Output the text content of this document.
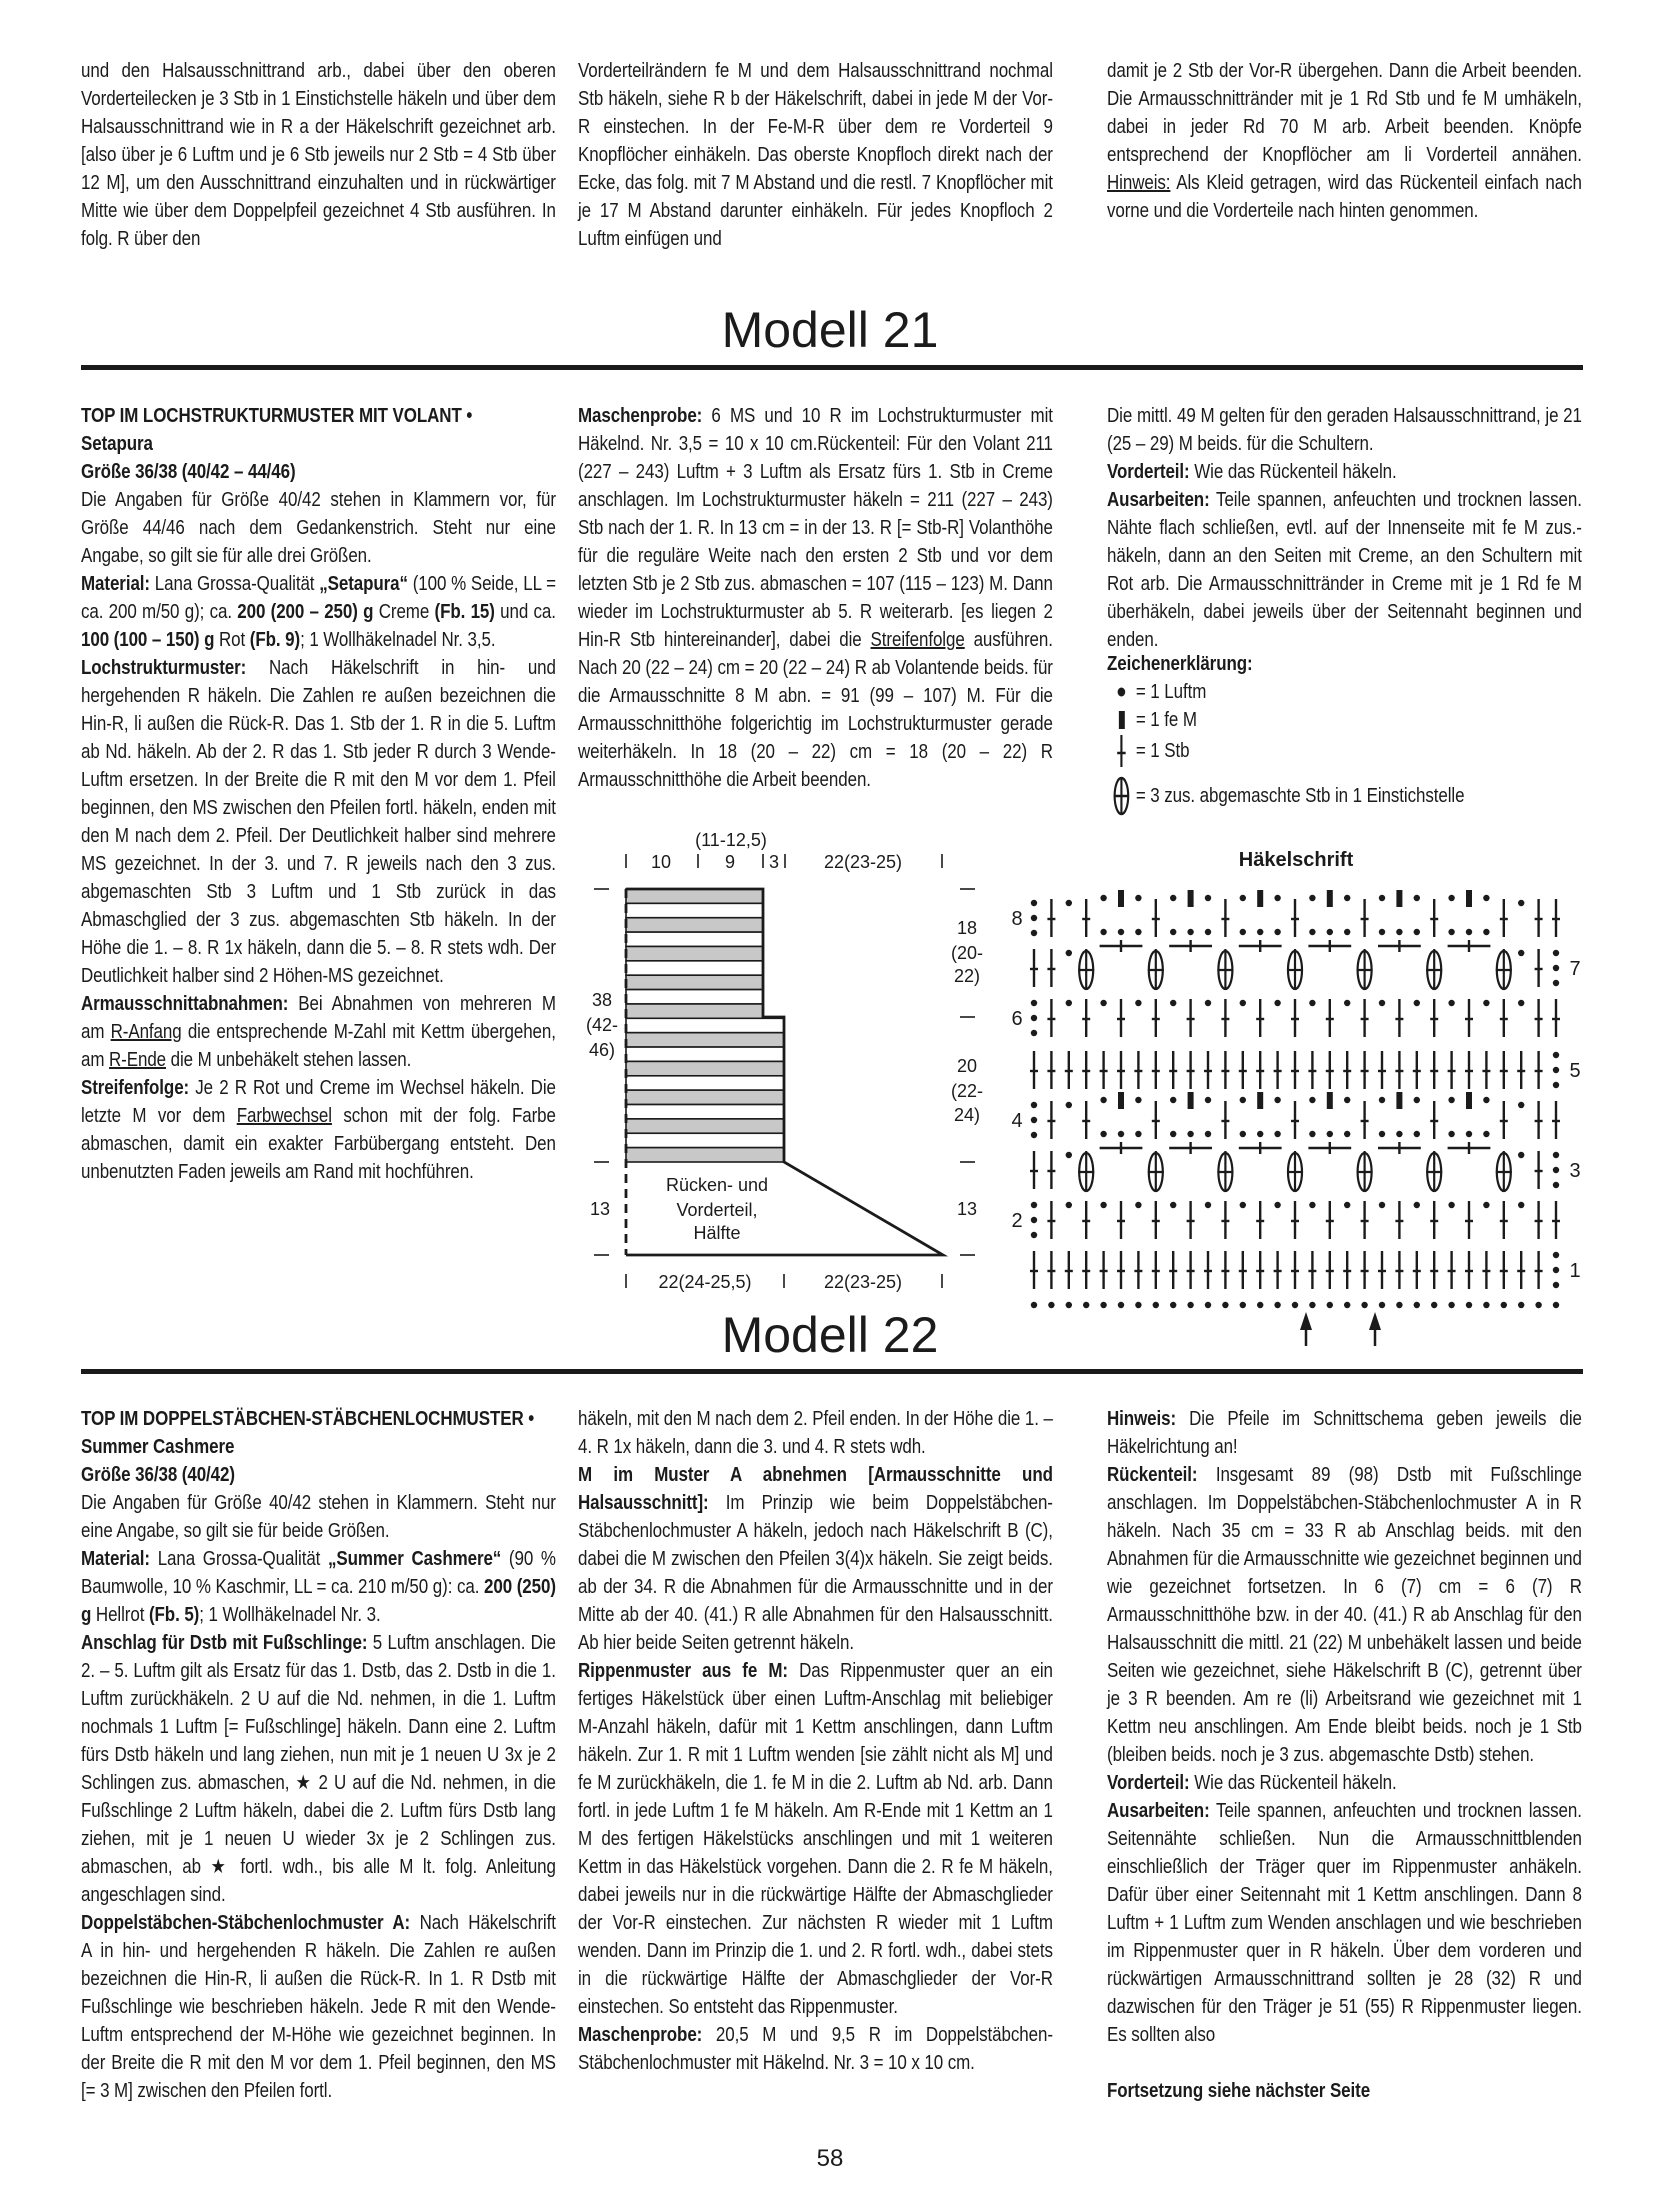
und den Halsausschnittrand arb., dabei über den oberen Vorderteilecken je 3 Stb in 1 Einstichstelle häkeln und über dem Halsausschnittrand wie in R a der Häkelschrift gezeichnet arb. [also über je 6 Luftm und je 6 Stb jeweils nur 2 Stb = 4 Stb über 12 M], um den Ausschnittrand einzuhalten und in rückwärtiger Mitte wie über dem Doppelpfeil gezeichnet 4 Stb ausführen. In folg. R über den

Vorderteilrändern fe M und dem Halsausschnittrand nochmal Stb häkeln, siehe R b der Häkelschrift, dabei in jede M der Vor-R einstechen. In der Fe-M-R über dem re Vorderteil 9 Knopflöcher einhäkeln. Das oberste Knopfloch direkt nach der Ecke, das folg. mit 7 M Abstand und die restl. 7 Knopflöcher mit je 17 M Abstand darunter einhäkeln. Für jedes Knopfloch 2 Luftm einfügen und

damit je 2 Stb der Vor-R übergehen. Dann die Arbeit beenden. Die Armausschnittränder mit je 1 Rd Stb und fe M umhäkeln, dabei in jeder Rd 70 M arb. Arbeit beenden. Knöpfe entsprechend der Knopflöcher am li Vorderteil annähen. Hinweis: Als Kleid getragen, wird das Rückenteil einfach nach vorne und die Vorderteile nach hinten genommen.

Modell 21

TOP IM LOCHSTRUKTURMUSTER MIT VOLANT •

Setapura

Größe 36/38 (40/42 – 44/46)

Die Angaben für Größe 40/42 stehen in Klammern vor, für Größe 44/46 nach dem Gedankenstrich. Steht nur eine Angabe, so gilt sie für alle drei Größen.

Material: Lana Grossa-Qualität „Setapura“ (100 % Seide, LL = ca. 200 m/50 g); ca. 200 (200 – 250) g Creme (Fb. 15) und ca. 100 (100 – 150) g Rot (Fb. 9); 1 Wollhäkelnadel Nr. 3,5.

Lochstrukturmuster: Nach Häkelschrift in hin- und hergehenden R häkeln. Die Zahlen re außen bezeichnen die Hin-R, li außen die Rück-R. Das 1. Stb der 1. R in die 5. Luftm ab Nd. häkeln. Ab der 2. R das 1. Stb jeder R durch 3 Wende-Luftm ersetzen. In der Breite die R mit den M vor dem 1. Pfeil beginnen, den MS zwischen den Pfeilen fortl. häkeln, enden mit den M nach dem 2. Pfeil. Der Deutlichkeit halber sind mehrere MS gezeichnet. In der 3. und 7. R jeweils nach den 3 zus. abgemaschten Stb 3 Luftm und 1 Stb zurück in das Abmaschglied der 3 zus. abgemaschten Stb häkeln. In der Höhe die 1. – 8. R 1x häkeln, dann die 5. – 8. R stets wdh. Der Deutlichkeit halber sind 2 Höhen-MS gezeichnet.

Armausschnittabnahmen: Bei Abnahmen von mehreren M am R-Anfang die entsprechende M-Zahl mit Kettm übergehen, am R-Ende die M unbehäkelt stehen lassen.

Streifenfolge: Je 2 R Rot und Creme im Wechsel häkeln. Die letzte M vor dem Farbwechsel schon mit der folg. Farbe abmaschen, damit ein exakter Farbübergang entsteht. Den unbenutzten Faden jeweils am Rand mit hochführen.

Maschenprobe: 6 MS und 10 R im Lochstrukturmuster mit Häkelnd. Nr. 3,5 = 10 x 10 cm.Rückenteil: Für den Volant 211 (227 – 243) Luftm + 3 Luftm als Ersatz fürs 1. Stb in Creme anschlagen. Im Lochstrukturmuster häkeln = 211 (227 – 243) Stb nach der 1. R. In 13 cm = in der 13. R [= Stb-R] Volanthöhe für die reguläre Weite nach den ersten 2 Stb und vor dem letzten Stb je 2 Stb zus. abmaschen = 107 (115 – 123) M. Dann wieder im Lochstrukturmuster ab 5. R weiterarb. [es liegen 2 Hin-R Stb hintereinander], dabei die Streifenfolge ausführen. Nach 20 (22 – 24) cm = 20 (22 – 24) R ab Volantende beids. für die Armausschnitte 8 M abn. = 91 (99 – 107) M. Für die Armausschnitthöhe folgerichtig im Lochstrukturmuster gerade weiterhäkeln. In 18 (20 – 22) cm = 18 (20 – 22) R Armausschnitthöhe die Arbeit beenden.

Die mittl. 49 M gelten für den geraden Halsausschnittrand, je 21 (25 – 29) M beids. für die Schultern.

Vorderteil: Wie das Rückenteil häkeln.

Ausarbeiten: Teile spannen, anfeuchten und trocknen lassen. Nähte flach schließen, evtl. auf der Innenseite mit fe M zus.-häkeln, dann an den Seiten mit Creme, an den Schultern mit Rot arb. Die Armausschnittränder in Creme mit je 1 Rd fe M überhäkeln, dabei jeweils über der Seitennaht beginnen und enden.

Zeichenerklärung:

= 1 Luftm
= 1 fe M
= 1 Stb
= 3 zus. abgemaschte Stb in 1 Einstichstelle
(11-12,5)
10	9 3 22(23-25)
38
(42-
46)
13
18
(20-
22)
20
(22-
24)
13
Rücken- und
Vorderteil,
Hälfte
22(24-25,5)	22(23-25)
Häkelschrift
8
6
4
2
7
5
3
1
Modell 22

TOP IM DOPPELSTÄBCHEN-STÄBCHENLOCHMUSTER •

Summer Cashmere

Größe 36/38 (40/42)

Die Angaben für Größe 40/42 stehen in Klammern. Steht nur eine Angabe, so gilt sie für beide Größen.

Material: Lana Grossa-Qualität „Summer Cashmere“ (90 % Baumwolle, 10 % Kaschmir, LL = ca. 210 m/50 g): ca. 200 (250) g Hellrot (Fb. 5); 1 Wollhäkelnadel Nr. 3.

Anschlag für Dstb mit Fußschlinge: 5 Luftm anschlagen. Die 2. – 5. Luftm gilt als Ersatz für das 1. Dstb, das 2. Dstb in die 1. Luftm zurückhäkeln. 2 U auf die Nd. nehmen, in die 1. Luftm nochmals 1 Luftm [= Fußschlinge] häkeln. Dann eine 2. Luftm fürs Dstb häkeln und lang ziehen, nun mit je 1 neuen U 3x je 2 Schlingen zus. abmaschen, ★ 2 U auf die Nd. nehmen, in die Fußschlinge 2 Luftm häkeln, dabei die 2. Luftm fürs Dstb lang ziehen, mit je 1 neuen U wieder 3x je 2 Schlingen zus. abmaschen, ab ★ fortl. wdh., bis alle M lt. folg. Anleitung angeschlagen sind.

Doppelstäbchen-Stäbchenlochmuster A: Nach Häkelschrift A in hin- und hergehenden R häkeln. Die Zahlen re außen bezeichnen die Hin-R, li außen die Rück-R. In 1. R Dstb mit Fußschlinge wie beschrieben häkeln. Jede R mit den Wende-Luftm entsprechend der M-Höhe wie gezeichnet beginnen. In der Breite die R mit den M vor dem 1. Pfeil beginnen, den MS [= 3 M] zwischen den Pfeilen fortl.

häkeln, mit den M nach dem 2. Pfeil enden. In der Höhe die 1. – 4. R 1x häkeln, dann die 3. und 4. R stets wdh.

M im Muster A abnehmen [Armausschnitte und Halsausschnitt]: Im Prinzip wie beim Doppelstäbchen-Stäbchenlochmuster A häkeln, jedoch nach Häkelschrift B (C), dabei die M zwischen den Pfeilen 3(4)x häkeln. Sie zeigt beids. ab der 34. R die Abnahmen für die Armausschnitte und in der Mitte ab der 40. (41.) R alle Abnahmen für den Halsausschnitt. Ab hier beide Seiten getrennt häkeln.

Rippenmuster aus fe M: Das Rippenmuster quer an ein fertiges Häkelstück über einen Luftm-Anschlag mit beliebiger M-Anzahl häkeln, dafür mit 1 Kettm anschlingen, dann Luftm häkeln. Zur 1. R mit 1 Luftm wenden [sie zählt nicht als M] und fe M zurückhäkeln, die 1. fe M in die 2. Luftm ab Nd. arb. Dann fortl. in jede Luftm 1 fe M häkeln. Am R-Ende mit 1 Kettm an 1 M des fertigen Häkelstücks anschlingen und mit 1 weiteren Kettm in das Häkelstück vorgehen. Dann die 2. R fe M häkeln, dabei jeweils nur in die rückwärtige Hälfte der Abmaschglieder der Vor-R einstechen. Zur nächsten R wieder mit 1 Luftm wenden. Dann im Prinzip die 1. und 2. R fortl. wdh., dabei stets in die rückwärtige Hälfte der Abmaschglieder der Vor-R einstechen. So entsteht das Rippenmuster.

Maschenprobe: 20,5 M und 9,5 R im Doppelstäbchen-Stäbchenlochmuster mit Häkelnd. Nr. 3 = 10 x 10 cm.

Hinweis: Die Pfeile im Schnittschema geben jeweils die Häkelrichtung an!

Rückenteil: Insgesamt 89 (98) Dstb mit Fußschlinge anschlagen. Im Doppelstäbchen-Stäbchenlochmuster A in R häkeln. Nach 35 cm = 33 R ab Anschlag beids. mit den Abnahmen für die Armausschnitte wie gezeichnet beginnen und wie gezeichnet fortsetzen. In 6 (7) cm = 6 (7) R Armausschnitthöhe bzw. in der 40. (41.) R ab Anschlag für den Halsausschnitt die mittl. 21 (22) M unbehäkelt lassen und beide Seiten wie gezeichnet, siehe Häkelschrift B (C), getrennt über je 3 R beenden. Am re (li) Arbeitsrand wie gezeichnet mit 1 Kettm neu anschlingen. Am Ende bleibt beids. noch je 1 Stb (bleiben beids. noch je 3 zus. abgemaschte Dstb) stehen.

Vorderteil: Wie das Rückenteil häkeln.

Ausarbeiten: Teile spannen, anfeuchten und trocknen lassen. Seitennähte schließen. Nun die Armausschnittblenden einschließlich der Träger quer im Rippenmuster anhäkeln. Dafür über einer Seitennaht mit 1 Kettm anschlingen. Dann 8 Luftm + 1 Luftm zum Wenden anschlagen und wie beschrieben im Rippenmuster quer in R häkeln. Über dem vorderen und rückwärtigen Armausschnittrand sollten je 28 (32) R und dazwischen für den Träger je 51 (55) R Rippenmuster liegen. Es sollten also

Fortsetzung siehe nächster Seite

58
